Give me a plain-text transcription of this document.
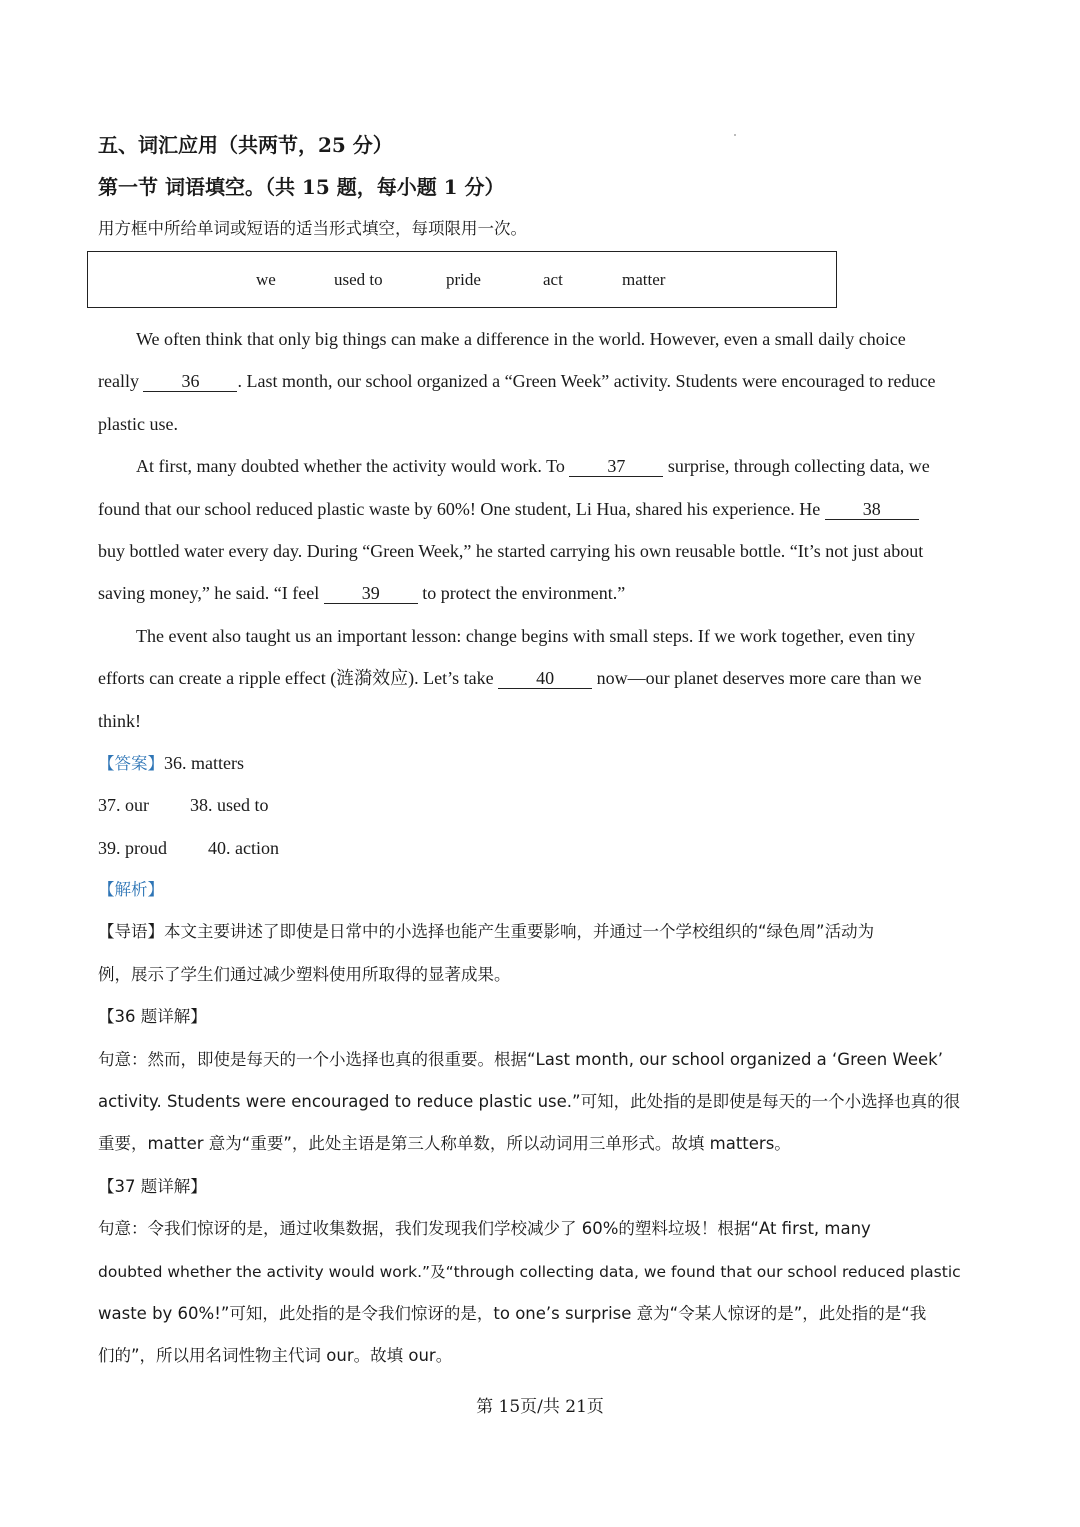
五、词汇应用（共两节，25 分）
第一节 词语填空。（共 15 题，每小题 1 分）
用方框中所给单词或短语的适当形式填空，每项限用一次。
we	used to	pride	act	matter
We often think that only big things can make a difference in the world. However, even a small daily choice
really 36 . Last month, our school organized a “Green Week” activity. Students were encouraged to reduce
plastic use.
At first, many doubted whether the activity would work. To 37 surprise, through collecting data, we
found that our school reduced plastic waste by 60%! One student, Li Hua, shared his experience. He 38
buy bottled water every day. During “Green Week,” he started carrying his own reusable bottle. “It’s not just about
saving money,” he said. “I feel 39 to protect the environment.”
The event also taught us an important lesson: change begins with small steps. If we work together, even tiny
efforts can create a ripple effect (涟漪效应). Let’s take 40 now—our planet deserves more care than we
think!
【答案】36. matters
37. our 38. used to
39. proud 40. action
【解析】
【导语】本文主要讲述了即使是日常中的小选择也能产生重要影响，并通过一个学校组织的“绿色周”活动为
例，展示了学生们通过减少塑料使用所取得的显著成果。
【36 题详解】
句意：然而，即使是每天的一个小选择也真的很重要。根据“Last month, our school organized a ‘Green Week’
activity. Students were encouraged to reduce plastic use.”可知，此处指的是即使是每天的一个小选择也真的很
重要，matter 意为“重要”，此处主语是第三人称单数，所以动词用三单形式。故填 matters。
【37 题详解】
句意：令我们惊讶的是，通过收集数据，我们发现我们学校减少了 60%的塑料垃圾！根据“At first, many
doubted whether the activity would work.”及“through collecting data, we found that our school reduced plastic
waste by 60%!”可知，此处指的是令我们惊讶的是，to one’s surprise 意为“令某人惊讶的是”，此处指的是“我
们的”，所以用名词性物主代词 our。故填 our。
第 15页/共 21页
